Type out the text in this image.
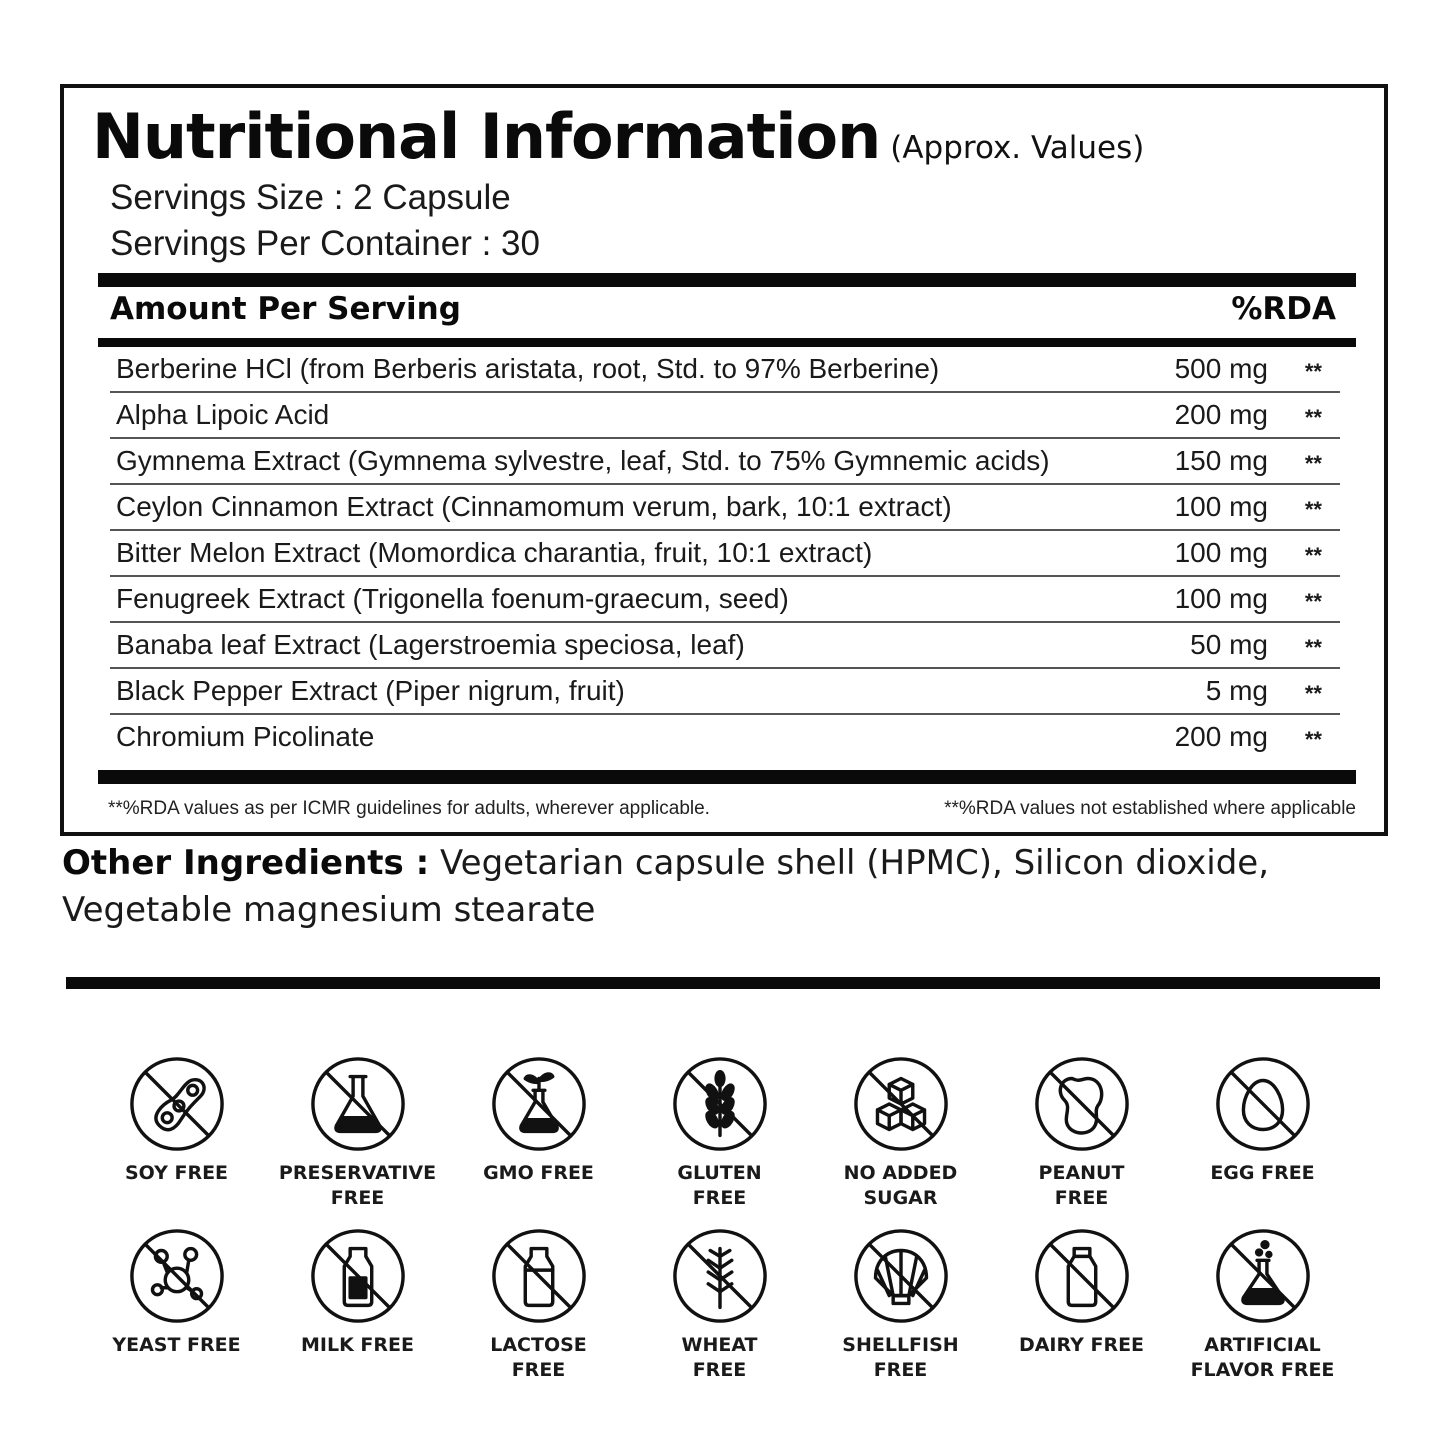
Nutritional Information (Approx. Values)
Servings Size : 2 Capsule
Servings Per Container : 30
Amount Per Serving	%RDA
Berberine HCl (from Berberis aristata, root, Std. to 97% Berberine)	500 mg **
Alpha Lipoic Acid	200 mg **
Gymnema Extract (Gymnema sylvestre, leaf, Std. to 75% Gymnemic acids)	150 mg **
Ceylon Cinnamon Extract (Cinnamomum verum, bark, 10:1 extract)	100 mg **
Bitter Melon Extract (Momordica charantia, fruit, 10:1 extract)	100 mg **
Fenugreek Extract (Trigonella foenum-graecum, seed)	100 mg **
Banaba leaf Extract (Lagerstroemia speciosa, leaf)	50 mg **
Black Pepper Extract (Piper nigrum, fruit)	5 mg **
Chromium Picolinate	200 mg **
**%RDA values as per ICMR guidelines for adults, wherever applicable.	**%RDA values not established where applicable
Other Ingredients : Vegetarian capsule shell (HPMC), Silicon dioxide, Vegetable magnesium stearate
SOY FREE	PRESERVATIVE
FREE
GMO FREE	GLUTEN
FREE
NO ADDED
SUGAR
PEANUT
FREE
EGG FREE
YEAST FREE	MILK FREE	LACTOSE
FREE
WHEAT
FREE
SHELLFISH
FREE
DAIRY FREE	ARTIFICIAL
FLAVOR FREE
